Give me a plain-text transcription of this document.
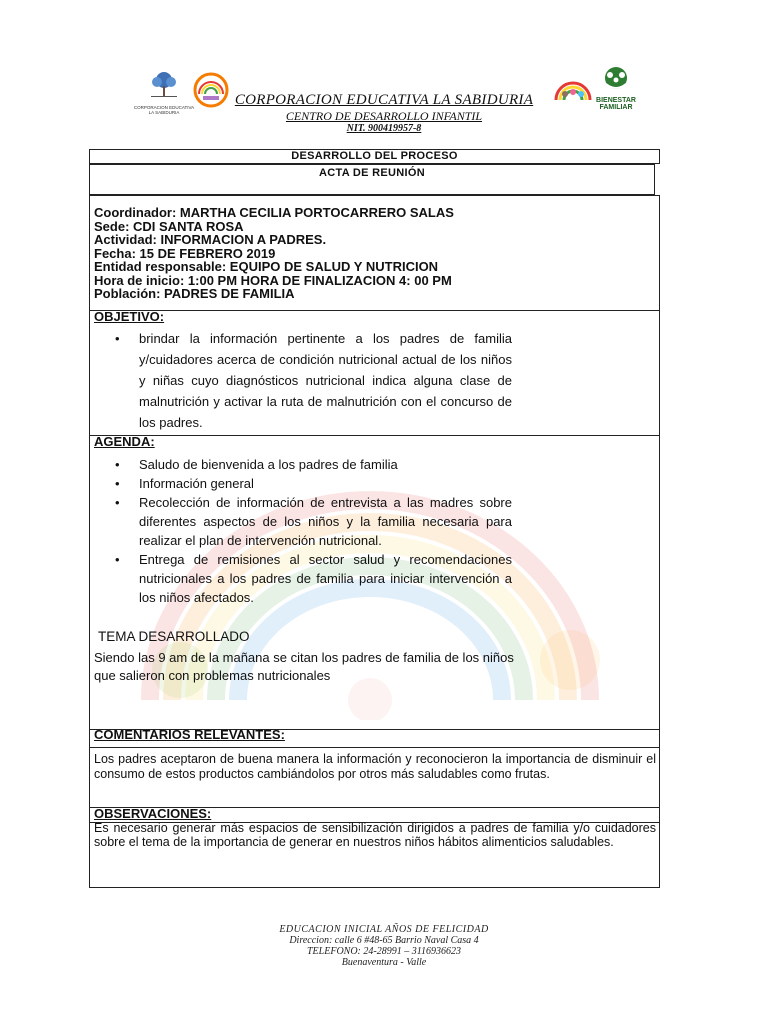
CORPORACION EDUCATIVA
LA SABIDURIA
BIENESTAR
FAMILIAR
CORPORACION EDUCATIVA LA SABIDURIA
CENTRO DE DESARROLLO INFANTIL
NIT. 900419957-8
DESARROLLO DEL PROCESO
ACTA DE REUNIÓN
Coordinador: MARTHA CECILIA PORTOCARRERO SALAS
Sede: CDI SANTA ROSA
Actividad: INFORMACION A PADRES.
Fecha: 15 DE FEBRERO 2019
Entidad responsable: EQUIPO DE SALUD Y NUTRICION
Hora de inicio: 1:00 PM HORA DE FINALIZACION 4: 00 PM
Población: PADRES DE FAMILIA
OBJETIVO:
• brindar la información pertinente a los padres de familia y/cuidadores acerca de condición nutricional actual de los niños y niñas cuyo diagnósticos nutricional indica alguna clase de malnutrición y activar la ruta de malnutrición con el concurso de los padres.
AGENDA:
• Saludo de bienvenida a los padres de familia
• Información general
• Recolección de información de entrevista a las madres sobre diferentes aspectos de los niños y la familia necesaria para realizar el plan de intervención nutricional.
• Entrega de remisiones al sector salud y recomendaciones nutricionales a los padres de familia para iniciar intervención a los niños afectados.
TEMA DESARROLLADO
Siendo las 9 am de la mañana se citan los padres de familia de los niños que salieron con problemas nutricionales
COMENTARIOS RELEVANTES:
Los padres aceptaron de buena manera la información y reconocieron la importancia de disminuir el consumo de estos productos cambiándolos por otros más saludables como frutas.
OBSERVACIONES:
Es necesario generar más espacios de sensibilización dirigidos a padres de familia y/o cuidadores sobre el tema de la importancia de generar en nuestros niños hábitos alimenticios saludables.
EDUCACION INICIAL AÑOS DE FELICIDAD
Direccion: calle 6 #48-65 Barrio Naval Casa 4
TELEFONO: 24-28991 – 3116936623
Buenaventura - Valle
